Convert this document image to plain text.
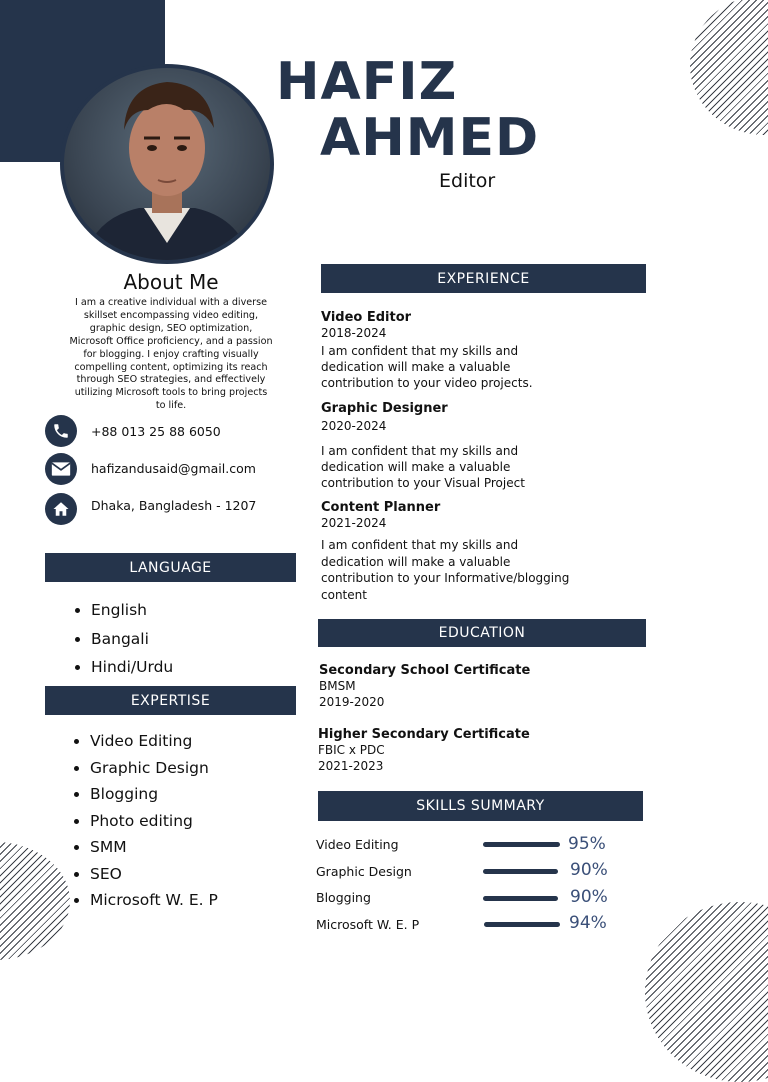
HAFIZ
AHMED
Editor
About Me
I am a creative individual with a diverse
skillset encompassing video editing,
graphic design, SEO optimization,
Microsoft Office proficiency, and a passion
for blogging. I enjoy crafting visually
compelling content, optimizing its reach
through SEO strategies, and effectively
utilizing Microsoft tools to bring projects
to life.
+88 013 25 88 6050
hafizandusaid@gmail.com
Dhaka, Bangladesh - 1207
LANGUAGE
• English
• Bangali
• Hindi/Urdu
EXPERTISE
• Video Editing
• Graphic Design
• Blogging
• Photo editing
• SMM
• SEO
• Microsoft W. E. P
EXPERIENCE
Video Editor
2018-2024
I am confident that my skills and
dedication will make a valuable
contribution to your video projects.
Graphic Designer
2020-2024
I am confident that my skills and
dedication will make a valuable
contribution to your Visual Project
Content Planner
2021-2024
I am confident that my skills and
dedication will make a valuable
contribution to your Informative/blogging
content
EDUCATION
Secondary School Certificate
BMSM
2019-2020
Higher Secondary Certificate
FBIC x PDC
2021-2023
SKILLS SUMMARY
Video Editing	95%
Graphic Design	90%
Blogging	90%
Microsoft W. E. P	94%
